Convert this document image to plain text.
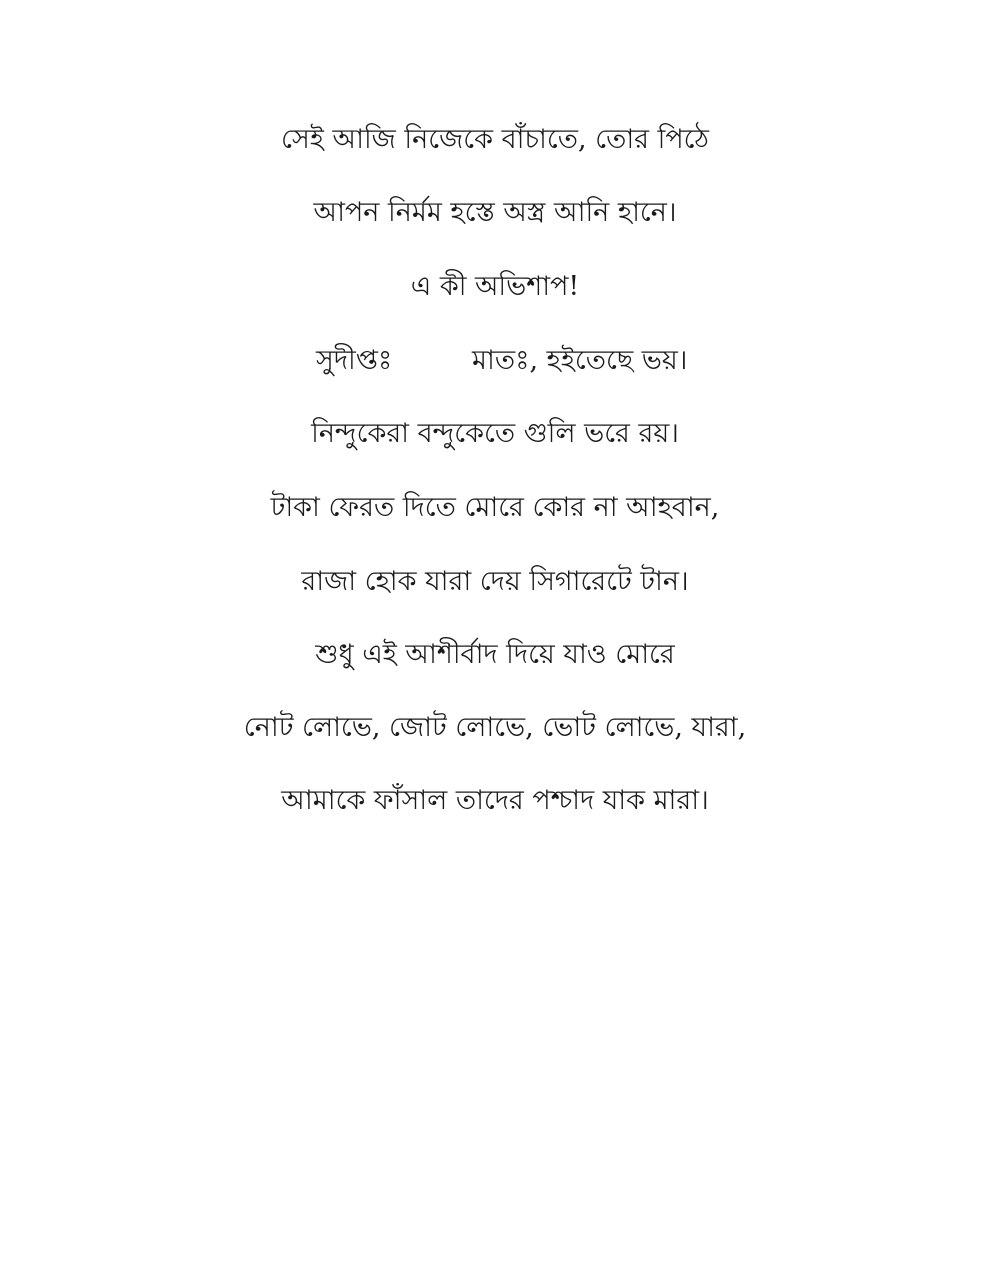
সেই আজি নিজেকে বাঁচাতে, তোর পিঠে
আপন নির্মম হস্তে অস্ত্র আনি হানে।
এ কী অভিশাপ!
সুদীপ্তঃ	মাতঃ, হইতেছে ভয়।
নিন্দুকেরা বন্দুকেতে গুলি ভরে রয়।
টাকা ফেরত দিতে মোরে কোর না আহবান,
রাজা হোক যারা দেয় সিগারেটে টান।
শুধু এই আশীর্বাদ দিয়ে যাও মোরে
নোট লোভে, জোট লোভে, ভোট লোভে, যারা,
আমাকে ফাঁসাল তাদের পশ্চাদ যাক মারা।
